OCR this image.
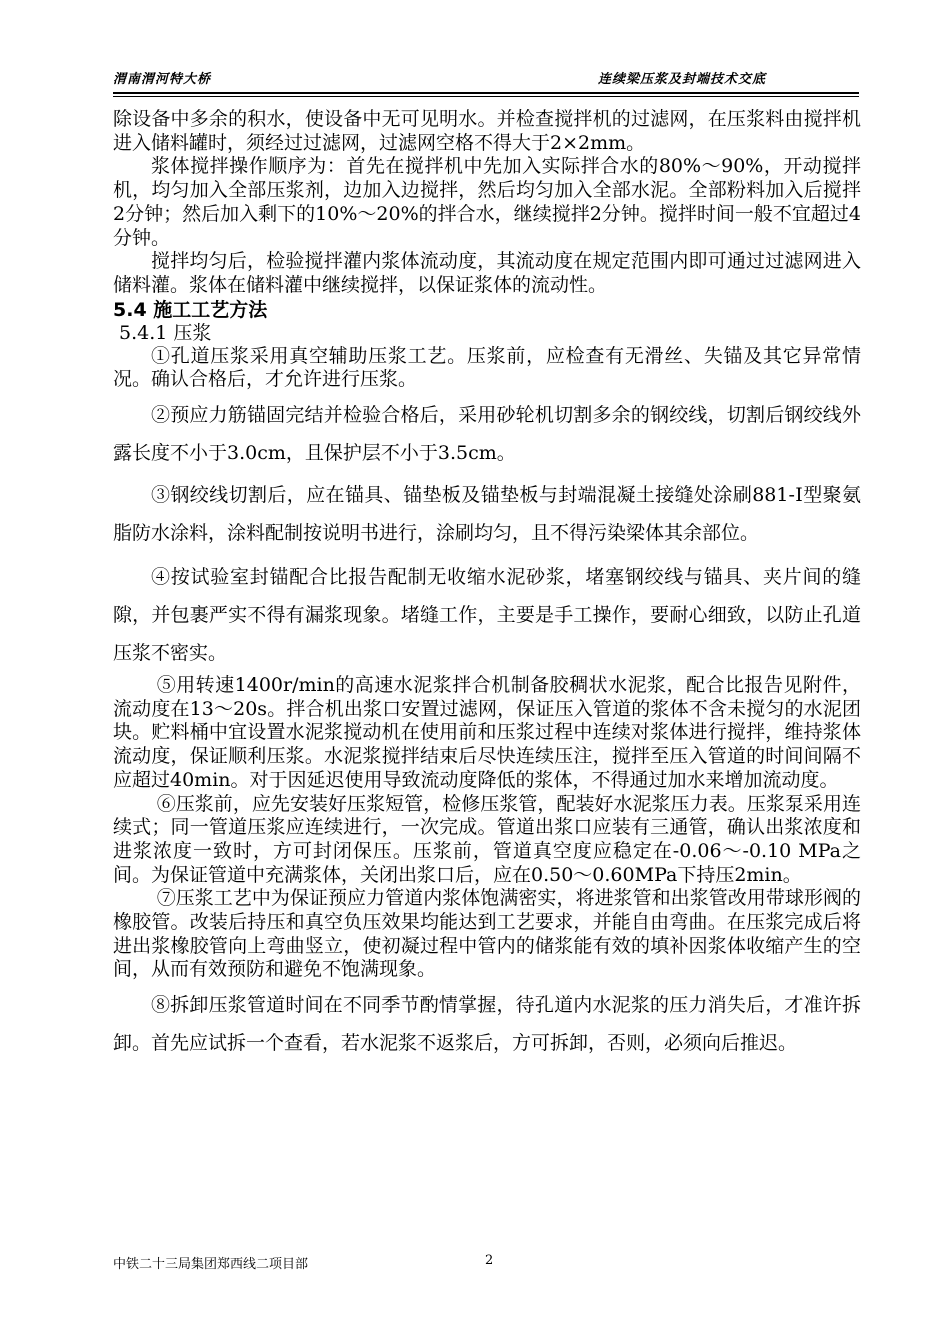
渭南渭河特大桥	连续梁压浆及封端技术交底

除设备中多余的积水，使设备中无可见明水。并检查搅拌机的过滤网，在压浆料由搅拌机进入储料罐时，须经过过滤网，过滤网空格不得大于2×2mm。

浆体搅拌操作顺序为：首先在搅拌机中先加入实际拌合水的80%～90%，开动搅拌机，均匀加入全部压浆剂，边加入边搅拌，然后均匀加入全部水泥。全部粉料加入后搅拌2分钟；然后加入剩下的10%～20%的拌合水，继续搅拌2分钟。搅拌时间一般不宜超过4分钟。

搅拌均匀后，检验搅拌灌内浆体流动度，其流动度在规定范围内即可通过过滤网进入储料灌。浆体在储料灌中继续搅拌，以保证浆体的流动性。

5.4 施工工艺方法

5.4.1 压浆

①孔道压浆采用真空辅助压浆工艺。压浆前，应检查有无滑丝、失锚及其它异常情况。确认合格后，才允许进行压浆。

②预应力筋锚固完结并检验合格后，采用砂轮机切割多余的钢绞线，切割后钢绞线外露长度不小于3.0cm，且保护层不小于3.5cm。

③钢绞线切割后，应在锚具、锚垫板及锚垫板与封端混凝土接缝处涂刷881-Ⅰ型聚氨脂防水涂料，涂料配制按说明书进行，涂刷均匀，且不得污染梁体其余部位。

④按试验室封锚配合比报告配制无收缩水泥砂浆，堵塞钢绞线与锚具、夹片间的缝隙，并包裹严实不得有漏浆现象。堵缝工作，主要是手工操作，要耐心细致，以防止孔道压浆不密实。

⑤用转速1400r/min的高速水泥浆拌合机制备胶稠状水泥浆，配合比报告见附件，流动度在13～20s。拌合机出浆口安置过滤网，保证压入管道的浆体不含未搅匀的水泥团块。贮料桶中宜设置水泥浆搅动机在使用前和压浆过程中连续对浆体进行搅拌，维持浆体流动度，保证顺利压浆。水泥浆搅拌结束后尽快连续压注，搅拌至压入管道的时间间隔不应超过40min。对于因延迟使用导致流动度降低的浆体，不得通过加水来增加流动度。

⑥压浆前，应先安装好压浆短管，检修压浆管，配装好水泥浆压力表。压浆泵采用连续式；同一管道压浆应连续进行，一次完成。管道出浆口应装有三通管，确认出浆浓度和进浆浓度一致时，方可封闭保压。压浆前，管道真空度应稳定在-0.06～-0.10 MPa之间。为保证管道中充满浆体，关闭出浆口后，应在0.50～0.60MPa下持压2min。

⑦压浆工艺中为保证预应力管道内浆体饱满密实，将进浆管和出浆管改用带球形阀的橡胶管。改装后持压和真空负压效果均能达到工艺要求，并能自由弯曲。在压浆完成后将进出浆橡胶管向上弯曲竖立，使初凝过程中管内的储浆能有效的填补因浆体收缩产生的空间，从而有效预防和避免不饱满现象。

⑧拆卸压浆管道时间在不同季节酌情掌握，待孔道内水泥浆的压力消失后，才准许拆卸。首先应试拆一个查看，若水泥浆不返浆后，方可拆卸，否则，必须向后推迟。

中铁二十三局集团郑西线二项目部	2
